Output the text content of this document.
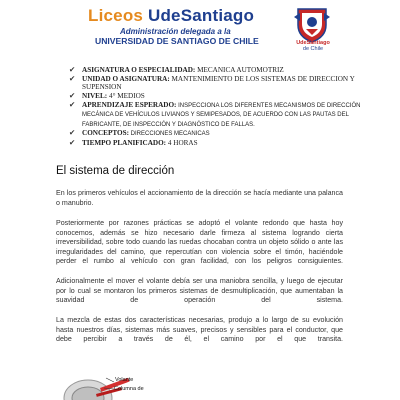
Liceos UdeSantiago
Administración delegada a la
UNIVERSIDAD DE SANTIAGO DE CHILE	UdeSantiago
de Chile
✔ ASIGNATURA O ESPECIALIDAD: MECANICA AUTOMOTRIZ
✔ UNIDAD O ASIGNATURA: MANTENIMIENTO DE LOS SISTEMAS DE DIRECCION Y SUPENSION
✔ NIVEL: 4° MEDIOS
✔ APRENDIZAJE ESPERADO: INSPECCIONA LOS DIFERENTES MECANISMOS DE DIRECCIÓN MECÁNICA DE VEHÍCULOS LIVIANOS Y SEMIPESADOS, DE ACUERDO CON LAS PAUTAS DEL FABRICANTE, DE INSPECCIÓN Y DIAGNÓSTICO DE FALLAS.
✔ CONCEPTOS: DIRECCIONES MECANICAS
✔ TIEMPO PLANIFICADO: 4 HORAS
El sistema de dirección
En los primeros vehículos el accionamiento de la dirección se hacía mediante una palanca o manubrio.
Posteriormente por razones prácticas se adoptó el volante redondo que hasta hoy conocemos, además se hizo necesario darle firmeza al sistema logrando cierta irreversibilidad, sobre todo cuando las ruedas chocaban contra un objeto sólido o ante las irregularidades del camino, que repercutían con violencia sobre el timón, haciéndole perder el rumbo al vehículo con gran facilidad, con los peligros consiguientes.
Adicionalmente el mover el volante debía ser una maniobra sencilla, y luego de ejecutar por lo cual se montaron los primeros sistemas de desmultiplicación, que aumentaban la suavidad de operación del sistema.
La mezcla de estas dos características necesarias, produjo a lo largo de su evolución hasta nuestros días, sistemas más suaves, precisos y sensibles para el conductor, que debe percibir a través de él, el camino por el que transita.
Volante
Columna de
